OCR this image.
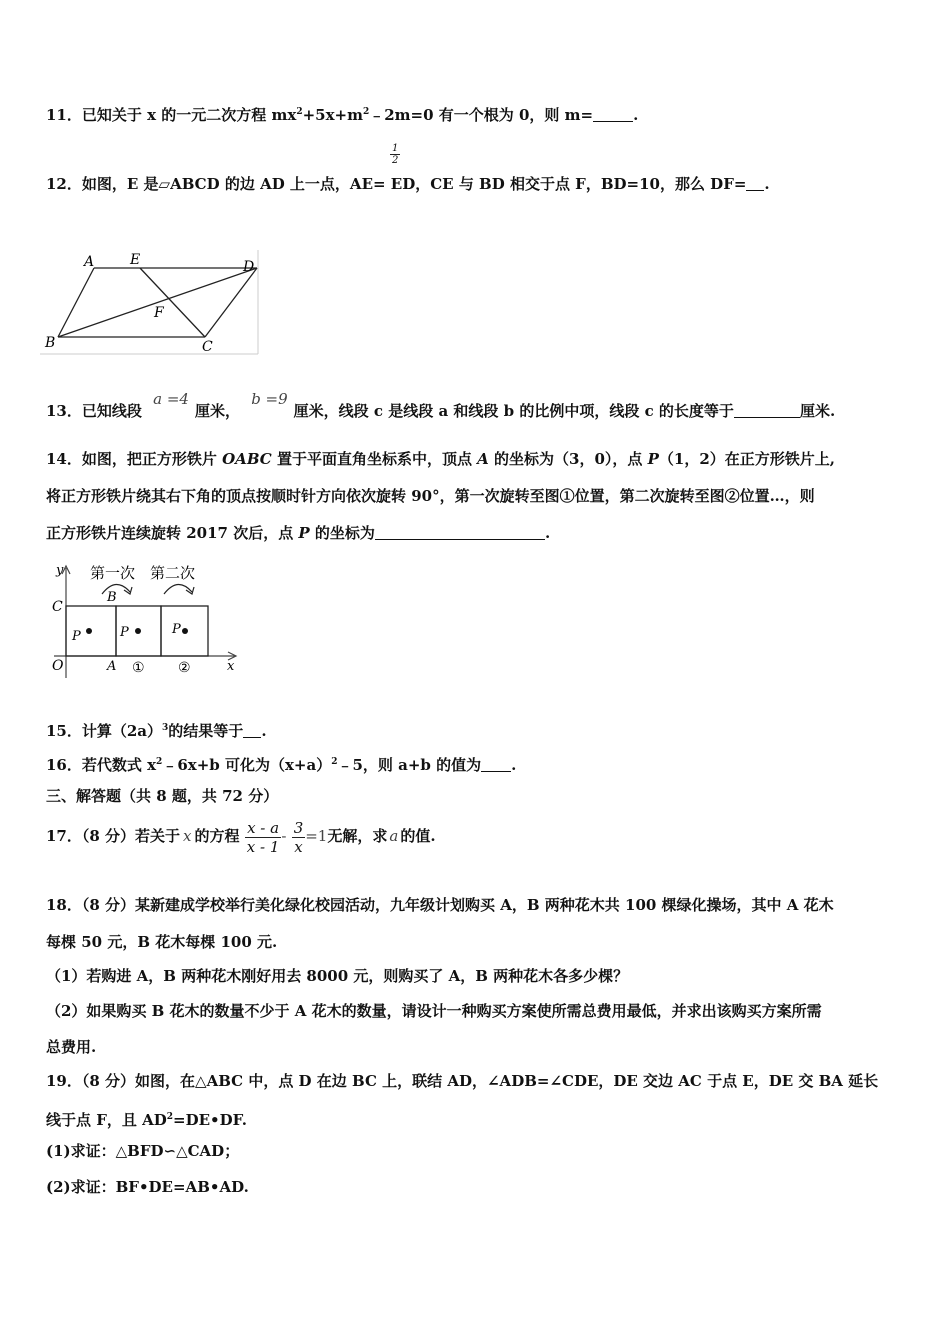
11．已知关于 x 的一元二次方程 $mx^2+5x+m^2﹣2m=0$ 有一个根为 0，则 m=	.
$\frac{1}{2}$
12．如图，E 是▱ABCD 的边 AD 上一点，AE= ED，CE 与 BD 相交于点 F，BD=10，那么 DF= .
A	E	D
B	C
F
13．已知线段 a =4厘米， b =9厘米，线段 c 是线段 a 和线段 b 的比例中项，线段 c 的长度等于	厘米.
14．如图，把正方形铁片 OABC 置于平面直角坐标系中，顶点 A 的坐标为（3，0），点 P（1，2）在正方形铁片上,
将正方形铁片绕其右下角的顶点按顺时针方向依次旋转 90°，第一次旋转至图①位置，第二次旋转至图②位置…，则
正方形铁片连续旋转 2017 次后，点 P 的坐标为	.
第一次 第二次
y
x
C
O	A
B
P	P	P
① ②
15．计算$(2a)^3$的结果等于 .
16．若代数式 $x^2﹣6x+b$ 可化为$(x+a)^2﹣5$，则 a+b 的值为 .
三、解答题（共 8 题，共 72 分）
17．（8 分）若关于 x 的方程 $\frac{x - a}{x - 1} - \frac{3}{x} =1$无解，求 a 的值.
18．（8 分）某新建成学校举行美化绿化校园活动，九年级计划购买 A，B 两种花木共 100 棵绿化操场，其中 A 花木
每棵 50 元，B 花木每棵 100 元.
（1）若购进 A，B 两种花木刚好用去 8000 元，则购买了 A，B 两种花木各多少棵？
（2）如果购买 B 花木的数量不少于 A 花木的数量，请设计一种购买方案使所需总费用最低，并求出该购买方案所需
总费用.
19．（8 分）如图，在△ABC 中，点 D 在边 BC 上，联结 AD，∠ADB=∠CDE，DE 交边 AC 于点 E，DE 交 BA 延长
线于点 F，且 $AD^2=DE•DF$.
(1)求证：△BFD∽△CAD；
(2)求证：BF•DE=AB•AD.
